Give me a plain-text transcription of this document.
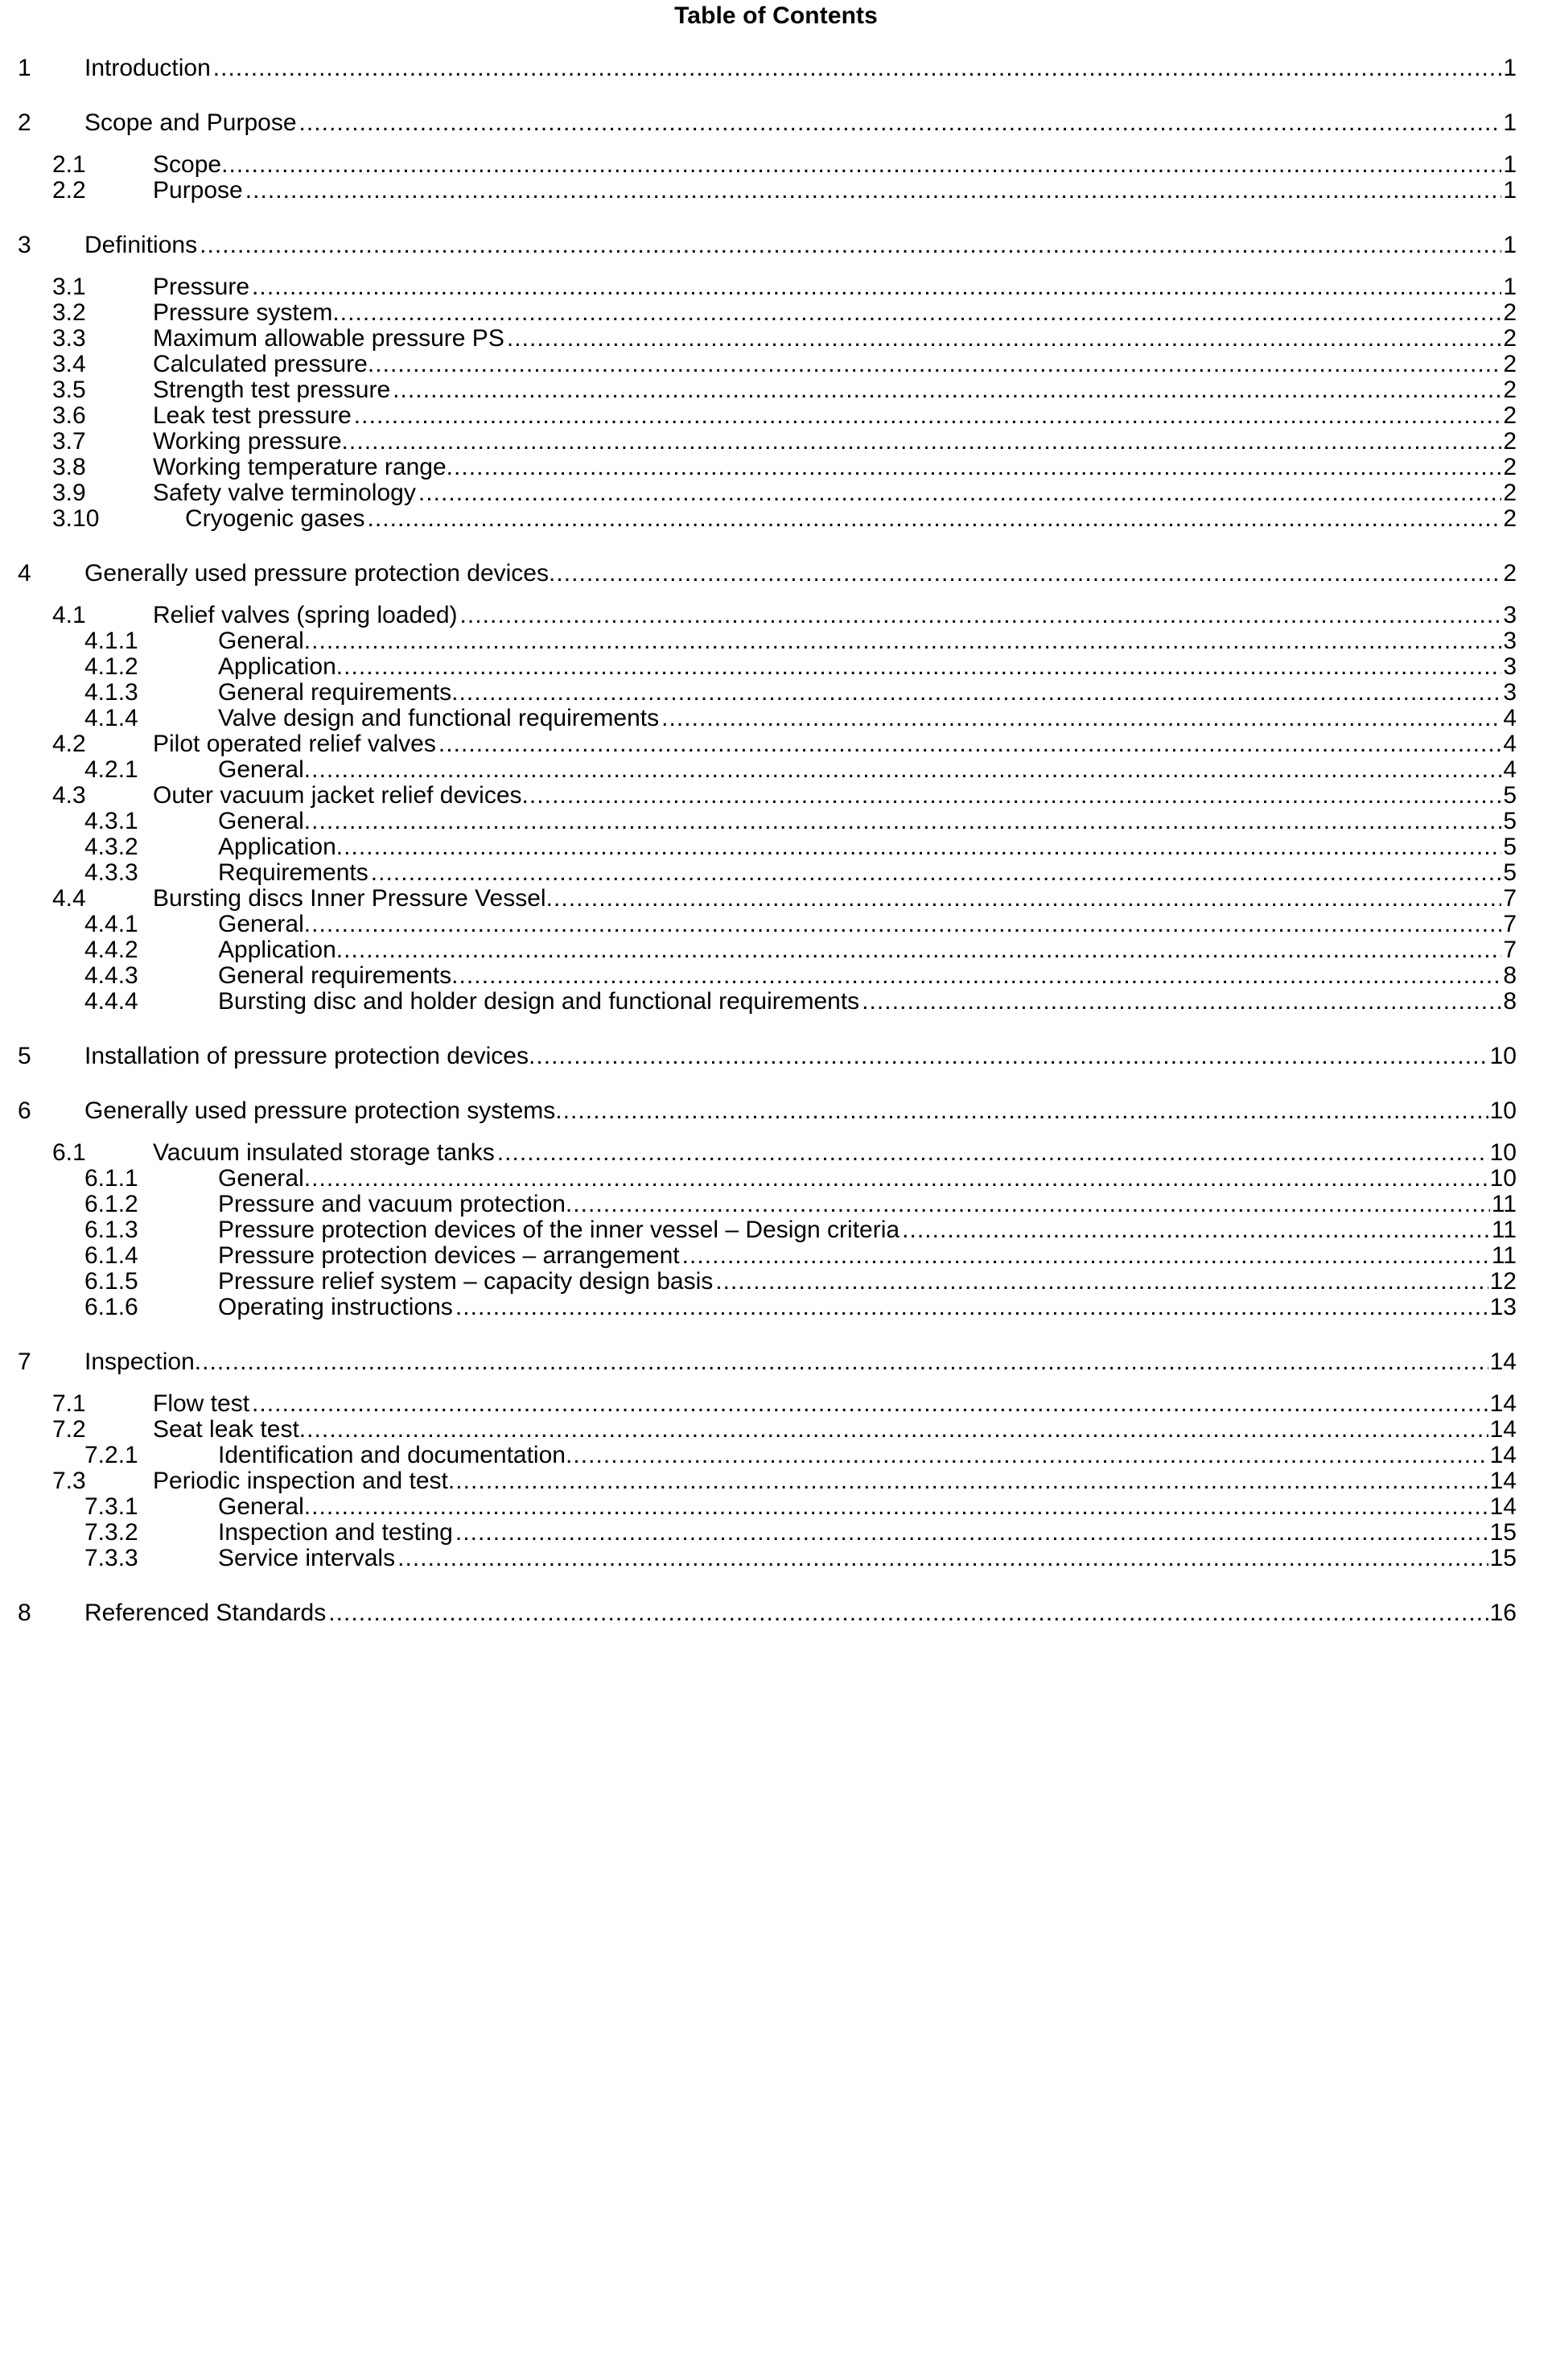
Table of Contents
1	Introduction .....	1
2	Scope and Purpose .....	1
2.1	Scope .....	1
2.2	Purpose .....	1
3	Definitions .....	1
3.1	Pressure .....	1
3.2	Pressure system .....	2
3.3	Maximum allowable pressure PS .....	2
3.4	Calculated pressure .....	2
3.5	Strength test pressure .....	2
3.6	Leak test pressure .....	2
3.7	Working pressure .....	2
3.8	Working temperature range .....	2
3.9	Safety valve terminology .....	2
3.10	Cryogenic gases .....	2
4	Generally used pressure protection devices .....	2
4.1	Relief valves (spring loaded) .....	3
4.1.1	General .....	3
4.1.2	Application .....	3
4.1.3	General requirements .....	3
4.1.4	Valve design and functional requirements .....	4
4.2	Pilot operated relief valves .....	4
4.2.1	General .....	4
4.3	Outer vacuum jacket relief devices .....	5
4.3.1	General .....	5
4.3.2	Application .....	5
4.3.3	Requirements .....	5
4.4	Bursting discs Inner Pressure Vessel .....	7
4.4.1	General .....	7
4.4.2	Application .....	7
4.4.3	General requirements .....	8
4.4.4	Bursting disc and holder design and functional requirements .....	8
5	Installation of pressure protection devices .....	10
6	Generally used pressure protection systems .....	10
6.1	Vacuum insulated storage tanks .....	10
6.1.1	General .....	10
6.1.2	Pressure and vacuum protection .....	11
6.1.3	Pressure protection devices of the inner vessel – Design criteria .....	11
6.1.4	Pressure protection devices – arrangement .....	11
6.1.5	Pressure relief system – capacity design basis .....	12
6.1.6	Operating instructions .....	13
7	Inspection .....	14
7.1	Flow test .....	14
7.2	Seat leak test .....	14
7.2.1	Identification and documentation .....	14
7.3	Periodic inspection and test .....	14
7.3.1	General .....	14
7.3.2	Inspection and testing .....	15
7.3.3	Service intervals .....	15
8	Referenced Standards .....	16
